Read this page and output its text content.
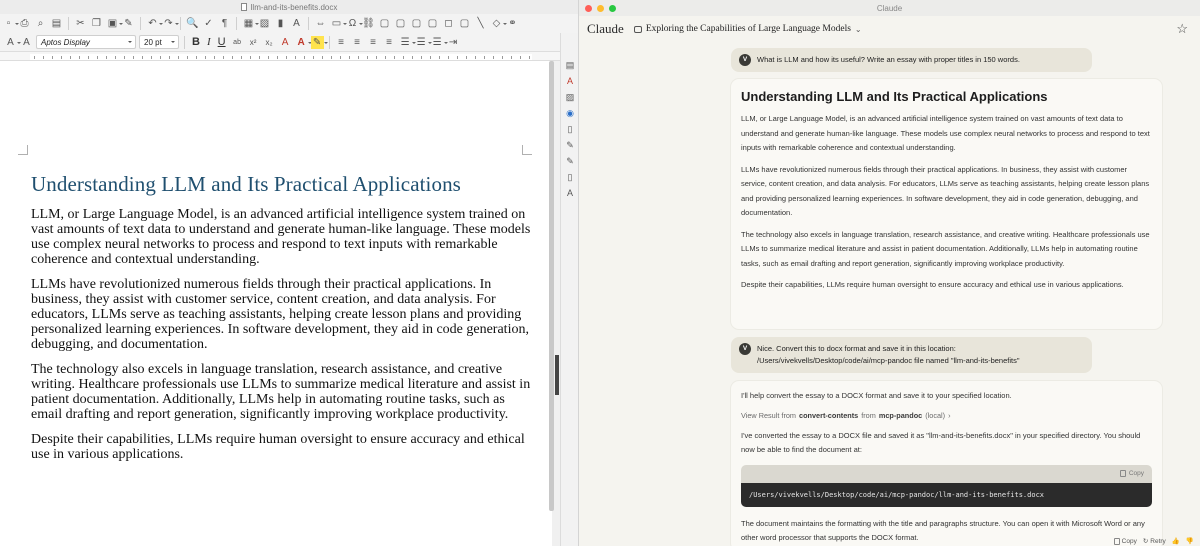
llm-and-its-benefits.docx
▫	⎙ ⌕ ▤ ✂ ❐ ▣ ✎ ↶ ↷ 🔍 ✓ ¶	▦ ▨ ▮ A	⇔ ▭ Ω ⛓ ▢ ▢ ▢ ▢ ◻ ▢ ╲ ◇ ⚭
A A	Aptos Display	20 pt	B I U	ab	x²	x₂ A A ✎	≡	≡	≡	≡ ☰ ☰ ☰ ⇥
Understanding LLM and Its Practical Applications

LLM, or Large Language Model, is an advanced artificial intelligence system trained on vast amounts of text data to understand and generate human-like language. These models use complex neural networks to process and respond to text inputs with remarkable coherence and contextual understanding.

LLMs have revolutionized numerous fields through their practical applications. In business, they assist with customer service, content creation, and data analysis. For educators, LLMs serve as teaching assistants, helping create lesson plans and providing personalized learning experiences. In software development, they aid in code generation, debugging, and documentation.

The technology also excels in language translation, research assistance, and creative writing. Healthcare professionals use LLMs to summarize medical literature and assist in patient documentation. Additionally, LLMs help in automating routine tasks, such as email drafting and report generation, significantly improving workplace productivity.

Despite their capabilities, LLMs require human oversight to ensure accuracy and ethical use in various applications.

▤
A
▨
◉
▯
✎
✎
▯
A
Claude
Claude Exploring the Capabilities of Large Language Models ⌄	☆
V	What is LLM and how its useful? Write an essay with proper titles in 150 words.
Understanding LLM and Its Practical Applications

LLM, or Large Language Model, is an advanced artificial intelligence system trained on vast amounts of text data to understand and generate human-like language. These models use complex neural networks to process and respond to text inputs with remarkable coherence and contextual understanding.

LLMs have revolutionized numerous fields through their practical applications. In business, they assist with customer service, content creation, and data analysis. For educators, LLMs serve as teaching assistants, helping create lesson plans and providing personalized learning experiences. In software development, they aid in code generation, debugging, and documentation.

The technology also excels in language translation, research assistance, and creative writing. Healthcare professionals use LLMs to summarize medical literature and assist in patient documentation. Additionally, LLMs help in automating routine tasks, such as email drafting and report generation, significantly improving workplace productivity.

Despite their capabilities, LLMs require human oversight to ensure accuracy and ethical use in various applications.

V	Nice. Convert this to docx format and save it in this location: /Users/vivekvells/Desktop/code/ai/mcp-pandoc file named "llm-and-its-benefits"

I'll help convert the essay to a DOCX format and save it to your specified location.

View Result from convert-contents from mcp-pandoc (local) ›

I've converted the essay to a DOCX file and saved it as "llm-and-its-benefits.docx" in your specified directory. You should now be able to find the document at:

Copy
/Users/vivekvells/Desktop/code/ai/mcp-pandoc/llm-and-its-benefits.docx

The document maintains the formatting with the title and paragraphs structure. You can open it with Microsoft Word or any other word processor that supports the DOCX format.	Copy ↻ Retry 👍 👎
